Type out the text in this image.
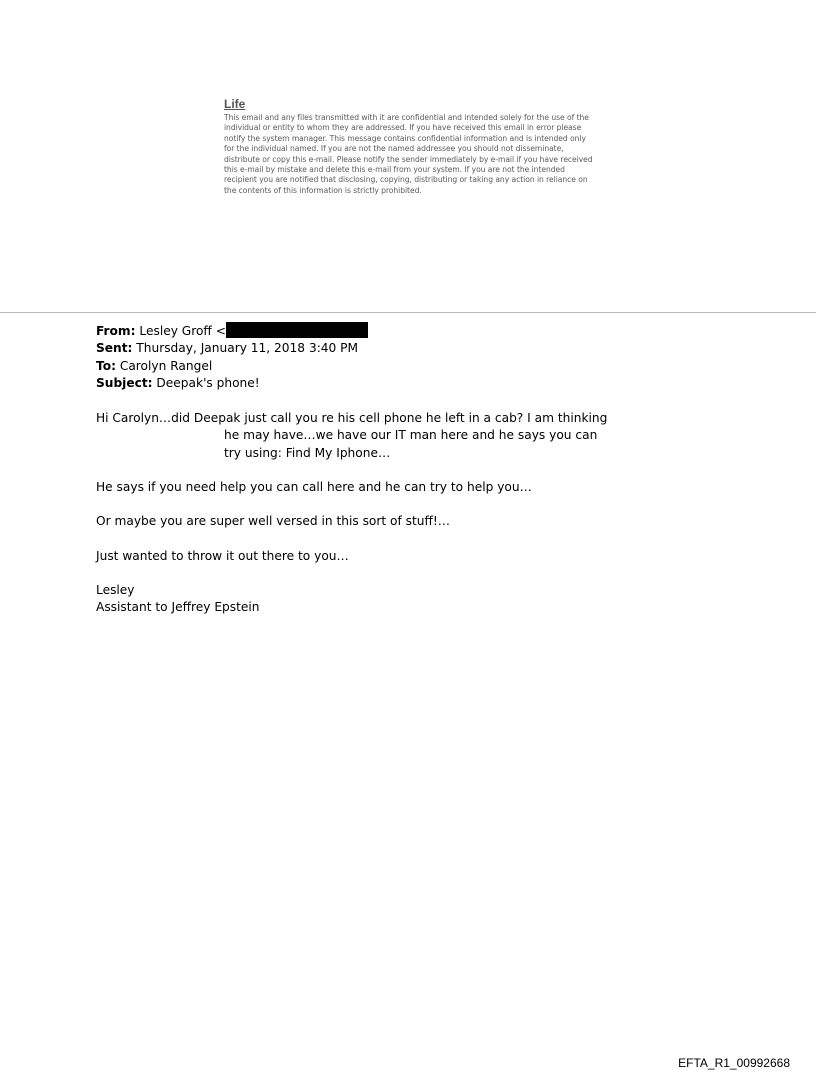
Life

This email and any files transmitted with it are confidential and intended solely for the use of the individual or entity to whom they are addressed. If you have received this email in error please notify the system manager. This message contains confidential information and is intended only for the individual named. If you are not the named addressee you should not disseminate, distribute or copy this e-mail. Please notify the sender immediately by e-mail if you have received this e-mail by mistake and delete this e-mail from your system. If you are not the intended recipient you are notified that disclosing, copying, distributing or taking any action in reliance on the contents of this information is strictly prohibited.

From: Lesley Groff <
Sent: Thursday, January 11, 2018 3:40 PM
To: Carolyn Rangel
Subject: Deepak's phone!
Hi Carolyn…did Deepak just call you re his cell phone he left in a cab? I am thinking
he may have…we have our IT man here and he says you can
try using: Find My Iphone…
He says if you need help you can call here and he can try to help you…
Or maybe you are super well versed in this sort of stuff!…
Just wanted to throw it out there to you…
Lesley
Assistant to Jeffrey Epstein
EFTA_R1_00992668
